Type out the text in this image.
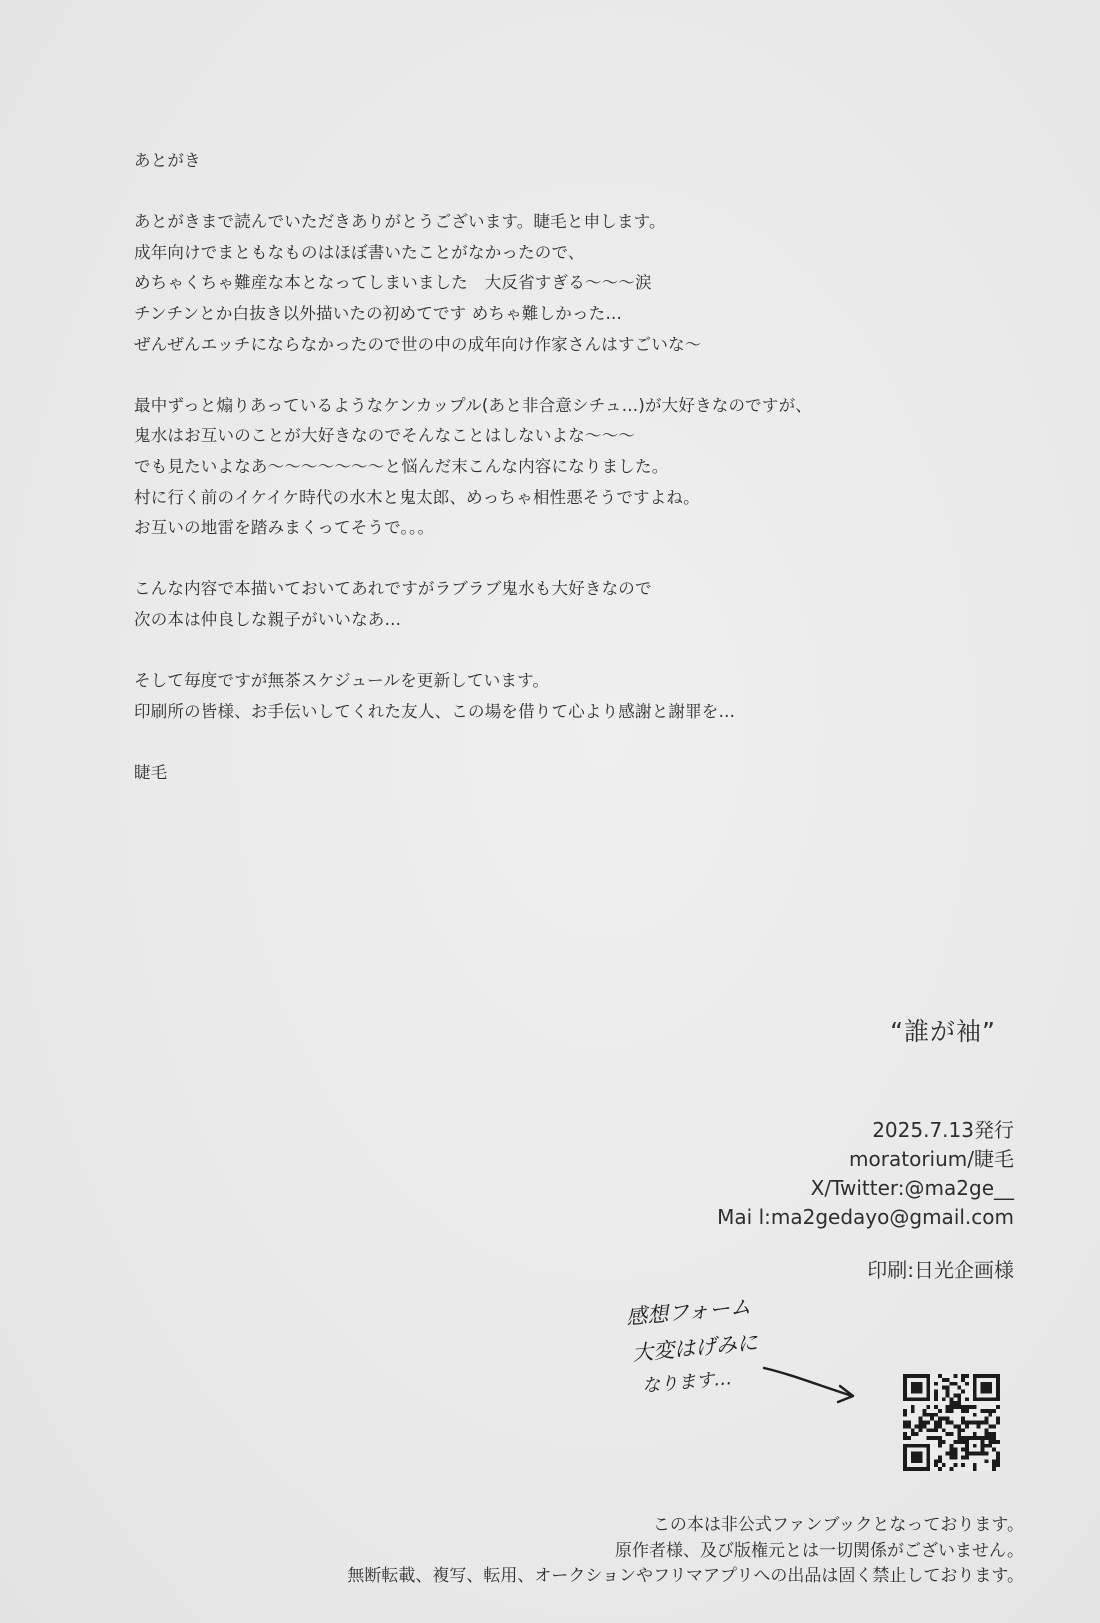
あとがき
あとがきまで読んでいただきありがとうございます。睫毛と申します。
成年向けでまともなものはほぼ書いたことがなかったので、
めちゃくちゃ難産な本となってしまいました　大反省すぎる〜〜〜涙
チンチンとか白抜き以外描いたの初めてです めちゃ難しかった…
ぜんぜんエッチにならなかったので世の中の成年向け作家さんはすごいな〜
最中ずっと煽りあっているようなケンカップル(あと非合意シチュ…)が大好きなのですが、
鬼水はお互いのことが大好きなのでそんなことはしないよな〜〜〜
でも見たいよなあ〜〜〜〜〜〜〜と悩んだ末こんな内容になりました。
村に行く前のイケイケ時代の水木と鬼太郎、めっちゃ相性悪そうですよね。
お互いの地雷を踏みまくってそうで。。。
こんな内容で本描いておいてあれですがラブラブ鬼水も大好きなので
次の本は仲良しな親子がいいなあ…
そして毎度ですが無茶スケジュールを更新しています。
印刷所の皆様、お手伝いしてくれた友人、この場を借りて心より感謝と謝罪を…
睫毛
“誰が袖”
2025.7.13発行
moratorium/睫毛
X/Twitter:@ma2ge__
Mai l:ma2gedayo@gmail.com
印刷:日光企画様
感想フォーム
大変はげみに
なります…
この本は非公式ファンブックとなっております。
原作者様、及び版権元とは一切関係がございません。
無断転載、複写、転用、オークションやフリマアプリへの出品は固く禁止しております。
